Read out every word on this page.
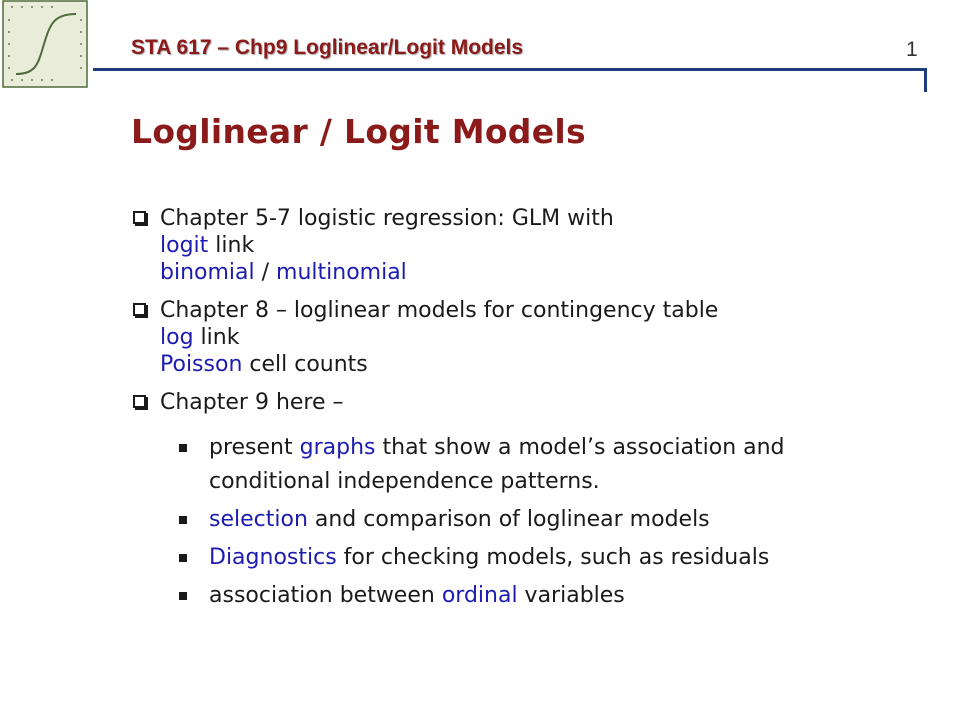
STA 617 – Chp9 Loglinear/Logit Models	1
Loglinear / Logit Models
Chapter 5-7 logistic regression: GLM with
logit link
binomial / multinomial
Chapter 8 – loglinear models for contingency table
log link
Poisson cell counts
Chapter 9 here –
present graphs that show a model’s association and
conditional independence patterns.
selection and comparison of loglinear models
Diagnostics for checking models, such as residuals
association between ordinal variables
